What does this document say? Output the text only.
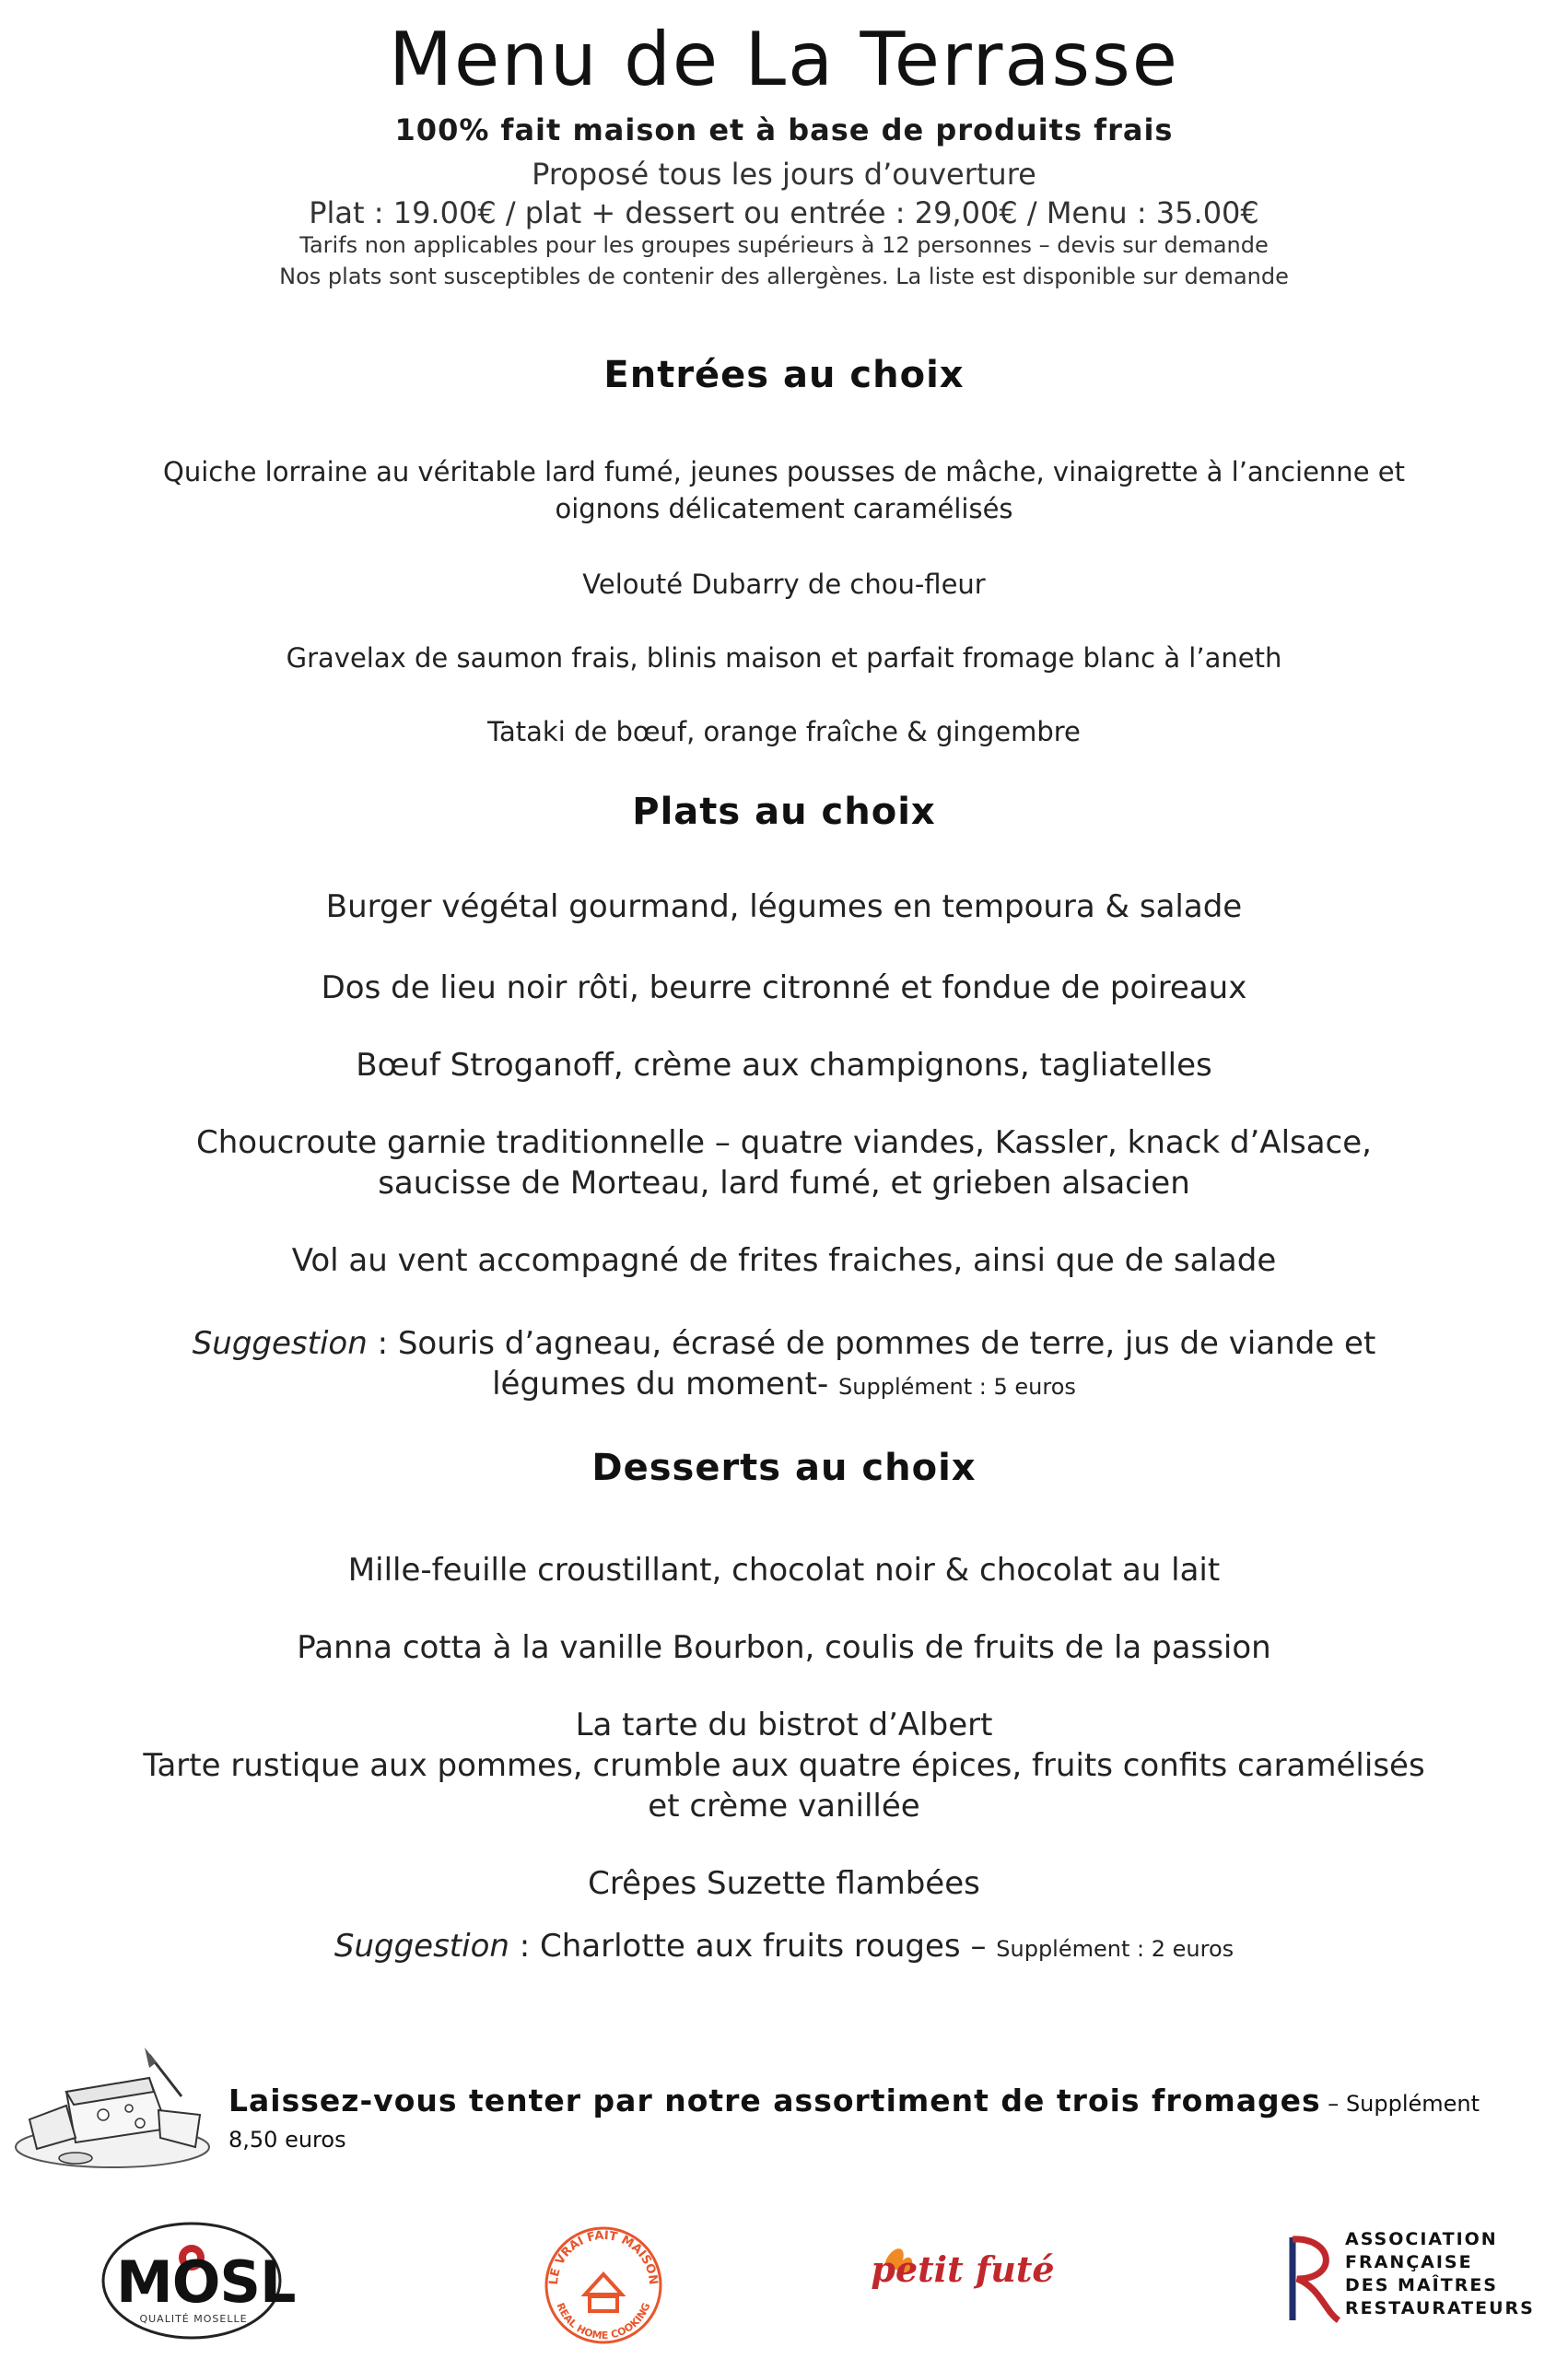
Menu de La Terrasse
100% fait maison et à base de produits frais
Proposé tous les jours d’ouverture
Plat : 19.00€ / plat + dessert ou entrée : 29,00€ / Menu : 35.00€
Tarifs non applicables pour les groupes supérieurs à 12 personnes – devis sur demande
Nos plats sont susceptibles de contenir des allergènes. La liste est disponible sur demande
Entrées au choix
Quiche lorraine au véritable lard fumé, jeunes pousses de mâche, vinaigrette à l’ancienne et oignons délicatement caramélisés
Velouté Dubarry de chou-fleur
Gravelax de saumon frais, blinis maison et parfait fromage blanc à l’aneth
Tataki de bœuf, orange fraîche & gingembre
Plats au choix
Burger végétal gourmand, légumes en tempoura & salade
Dos de lieu noir rôti, beurre citronné et fondue de poireaux
Bœuf Stroganoff, crème aux champignons, tagliatelles
Choucroute garnie traditionnelle – quatre viandes, Kassler, knack d’Alsace, saucisse de Morteau, lard fumé, et grieben alsacien
Vol au vent accompagné de frites fraiches, ainsi que de salade
Suggestion : Souris d’agneau, écrasé de pommes de terre, jus de viande et légumes du moment- Supplément : 5 euros
Desserts au choix
Mille-feuille croustillant, chocolat noir & chocolat au lait
Panna cotta à la vanille Bourbon, coulis de fruits de la passion
La tarte du bistrot d’Albert
Tarte rustique aux pommes, crumble aux quatre épices, fruits confits caramélisés et crème vanillée
Crêpes Suzette flambées
Suggestion : Charlotte aux fruits rouges – Supplément : 2 euros
Laissez-vous tenter par notre assortiment de trois fromages – Supplément 8,50 euros
MOSL
QUALITÉ MOSELLE
LE VRAI FAIT MAISON
REAL HOME COOKING
petit futé
ASSOCIATION
FRANÇAISE
DES MAÎTRES
RESTAURATEURS
